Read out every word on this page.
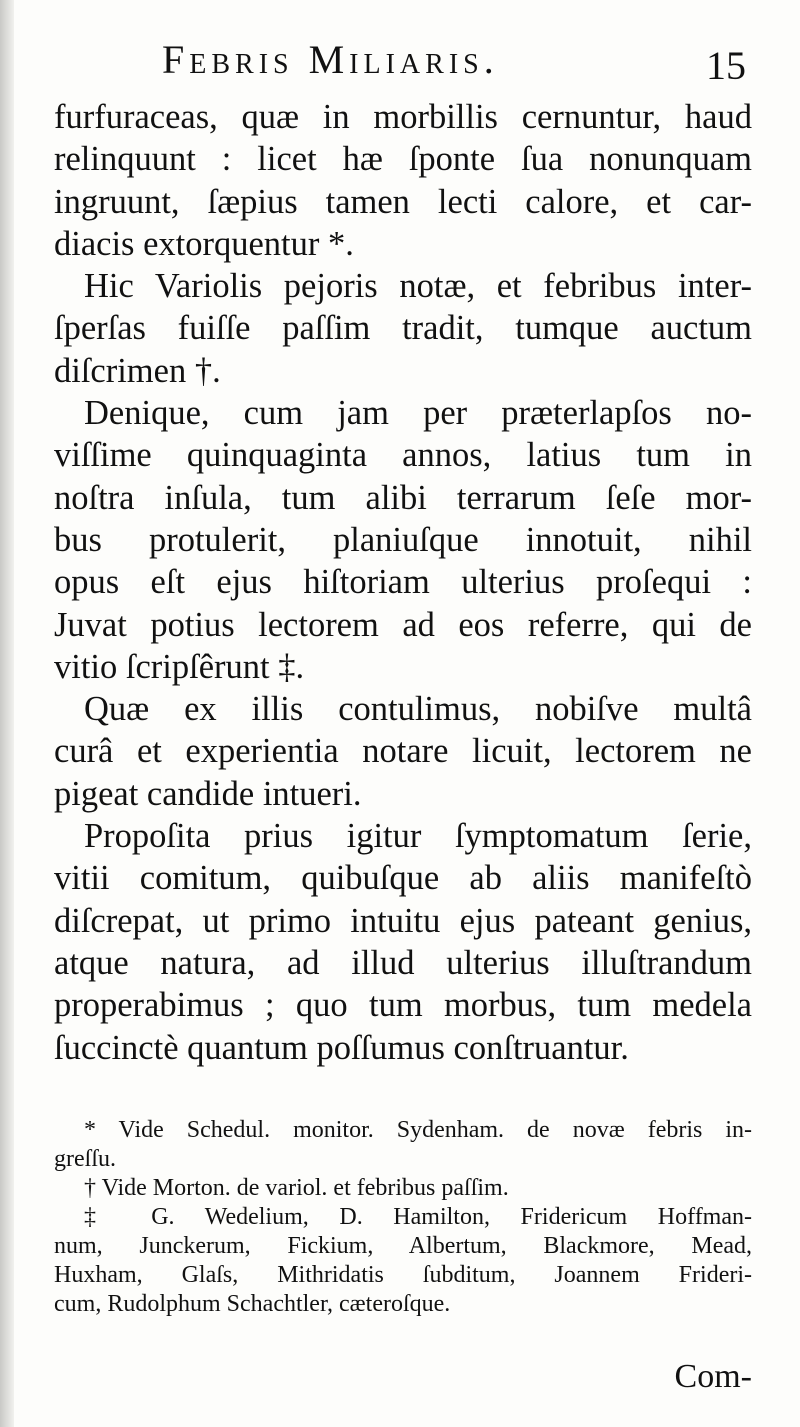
Febris Miliaris.	15
furfuraceas, quæ in morbillis cernuntur, haud
relinquunt : licet hæ ſponte ſua nonunquam
ingruunt, ſæpius tamen lecti calore, et car-
diacis extorquentur *.
Hic Variolis pejoris notæ, et febribus inter-
ſperſas fuiſſe paſſim tradit, tumque auctum
diſcrimen †.
Denique, cum jam per præterlapſos no-
viſſime quinquaginta annos, latius tum in
noſtra inſula, tum alibi terrarum ſeſe mor-
bus protulerit, planiuſque innotuit, nihil
opus eſt ejus hiſtoriam ulterius proſequi :
Juvat potius lectorem ad eos referre, qui de
vitio ſcripſêrunt ‡.
Quæ ex illis contulimus, nobiſve multâ
curâ et experientia notare licuit, lectorem ne
pigeat candide intueri.
Propoſita prius igitur ſymptomatum ſerie,
vitii comitum, quibuſque ab aliis manifeſtò
diſcrepat, ut primo intuitu ejus pateant genius,
atque natura, ad illud ulterius illuſtrandum
properabimus ; quo tum morbus, tum medela
ſuccinctè quantum poſſumus conſtruantur.
* Vide Schedul. monitor. Sydenham. de novæ febris in-
greſſu.
† Vide Morton. de variol. et febribus paſſim.
‡ G. Wedelium, D. Hamilton, Fridericum Hoffman-
num, Junckerum, Fickium, Albertum, Blackmore, Mead,
Huxham, Glaſs, Mithridatis ſubditum, Joannem Frideri-
cum, Rudolphum Schachtler, cæteroſque.
Com-
